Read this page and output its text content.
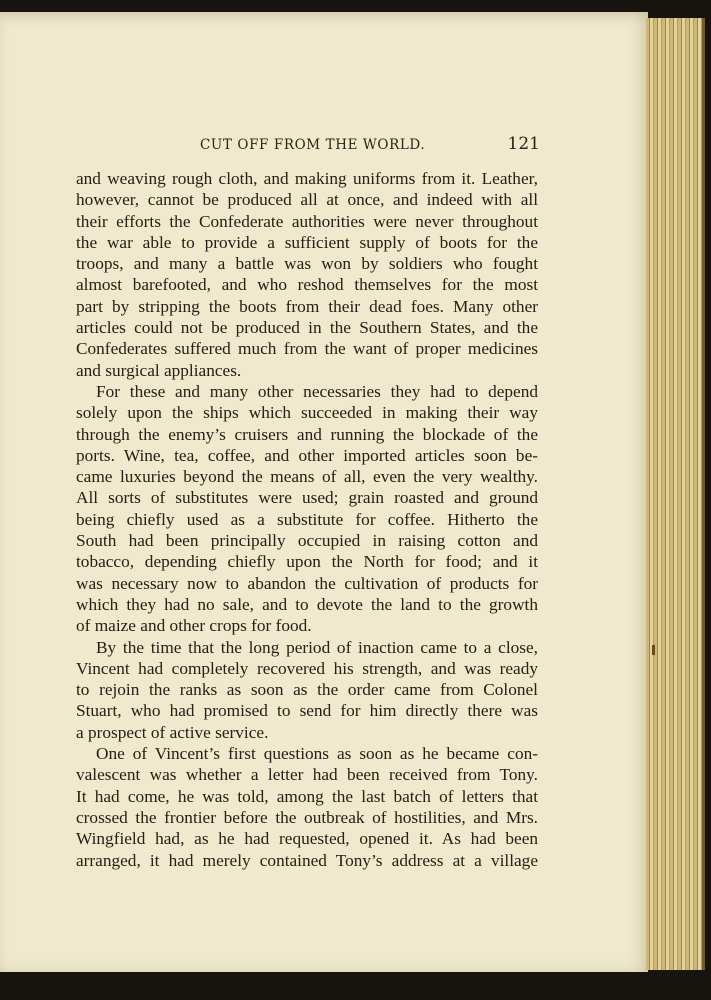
CUT OFF FROM THE WORLD.	121
and weaving rough cloth, and making uniforms from it. Leather,
however, cannot be produced all at once, and indeed with all
their efforts the Confederate authorities were never throughout
the war able to provide a sufficient supply of boots for the
troops, and many a battle was won by soldiers who fought
almost barefooted, and who reshod themselves for the most
part by stripping the boots from their dead foes. Many other
articles could not be produced in the Southern States, and the
Confederates suffered much from the want of proper medicines
and surgical appliances.
For these and many other necessaries they had to depend
solely upon the ships which succeeded in making their way
through the enemy’s cruisers and running the blockade of the
ports. Wine, tea, coffee, and other imported articles soon be-
came luxuries beyond the means of all, even the very wealthy.
All sorts of substitutes were used; grain roasted and ground
being chiefly used as a substitute for coffee. Hitherto the
South had been principally occupied in raising cotton and
tobacco, depending chiefly upon the North for food; and it
was necessary now to abandon the cultivation of products for
which they had no sale, and to devote the land to the growth
of maize and other crops for food.
By the time that the long period of inaction came to a close,
Vincent had completely recovered his strength, and was ready
to rejoin the ranks as soon as the order came from Colonel
Stuart, who had promised to send for him directly there was
a prospect of active service.
One of Vincent’s first questions as soon as he became con-
valescent was whether a letter had been received from Tony.
It had come, he was told, among the last batch of letters that
crossed the frontier before the outbreak of hostilities, and Mrs.
Wingfield had, as he had requested, opened it. As had been
arranged, it had merely contained Tony’s address at a village
